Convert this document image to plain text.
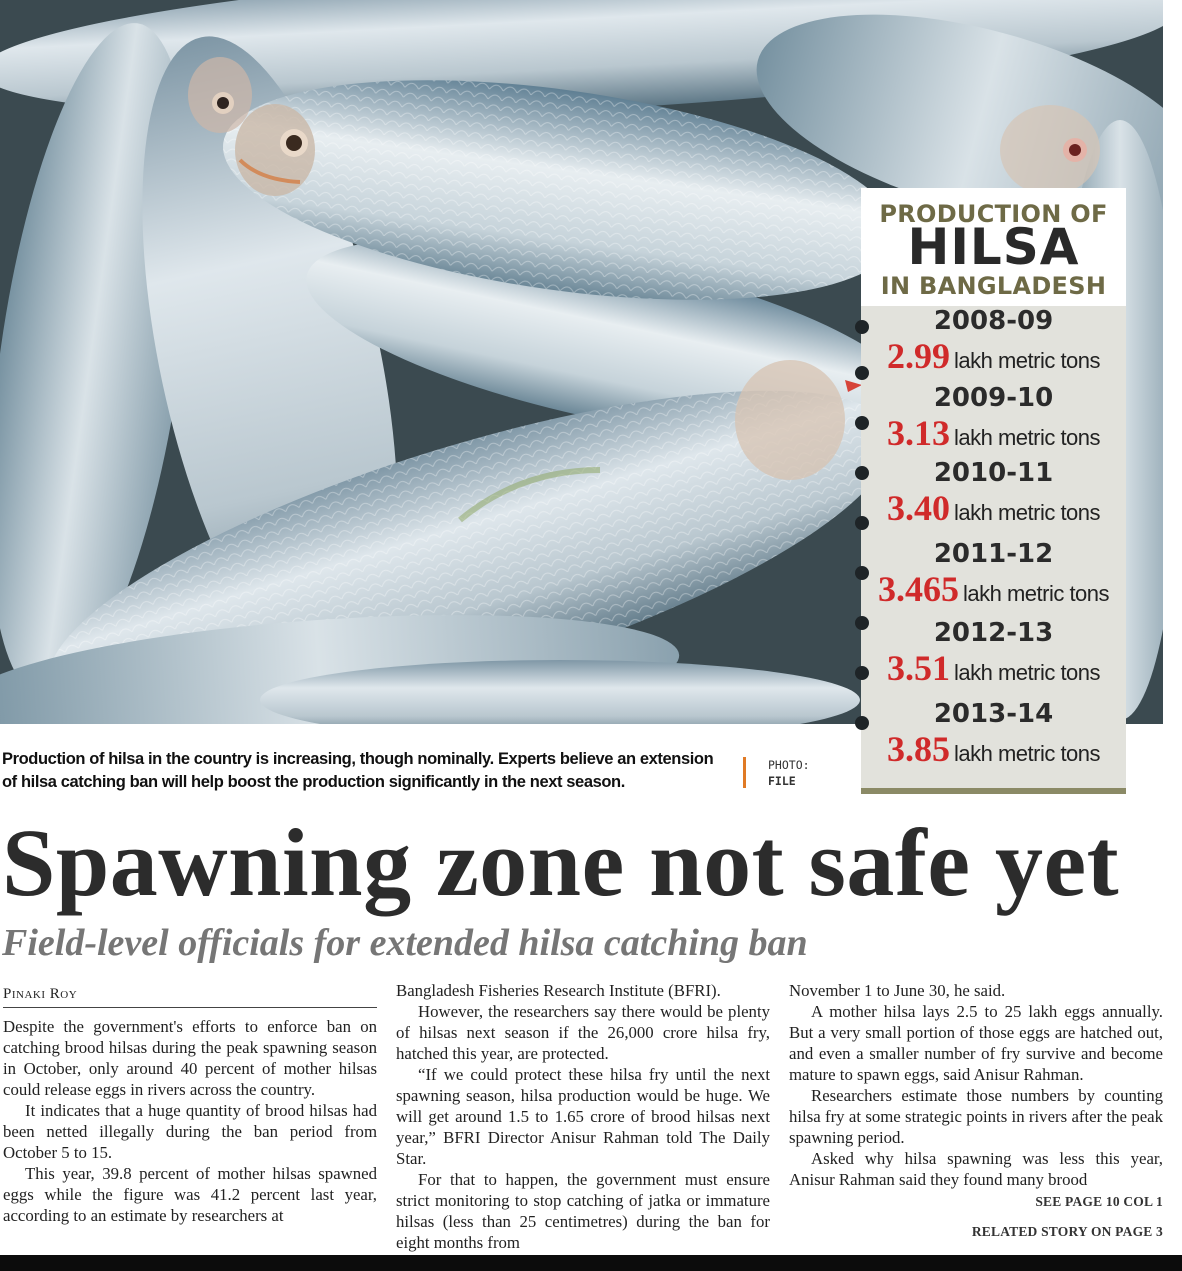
PRODUCTION OF
HILSA
IN BANGLADESH
2008-09
2.99 lakh metric tons
2009-10
3.13 lakh metric tons
2010-11
3.40 lakh metric tons
2011-12
3.465 lakh metric tons
2012-13
3.51 lakh metric tons
2013-14
3.85 lakh metric tons
Production of hilsa in the country is increasing, though nominally. Experts believe an extension of hilsa catching ban will help boost the production significantly in the next season.
PHOTO:
FILE
Spawning zone not safe yet
Field-level officials for extended hilsa catching ban
Pinaki Roy

Despite the government's efforts to enforce ban on catching brood hilsas during the peak spawning season in October, only around 40 percent of mother hilsas could release eggs in rivers across the country.

It indicates that a huge quantity of brood hilsas had been netted illegally during the ban period from October 5 to 15.

This year, 39.8 percent of mother hilsas spawned eggs while the figure was 41.2 percent last year, according to an estimate by researchers at

Bangladesh Fisheries Research Institute (BFRI).

However, the researchers say there would be plenty of hilsas next season if the 26,000 crore hilsa fry, hatched this year, are protected.

“If we could protect these hilsa fry until the next spawning season, hilsa production would be huge. We will get around 1.5 to 1.65 crore of brood hilsas next year,” BFRI Director Anisur Rahman told The Daily Star.

For that to happen, the government must ensure strict monitoring to stop catching of jatka or immature hilsas (less than 25 centimetres) during the ban for eight months from

November 1 to June 30, he said.

A mother hilsa lays 2.5 to 25 lakh eggs annually. But a very small portion of those eggs are hatched out, and even a smaller number of fry survive and become mature to spawn eggs, said Anisur Rahman.

Researchers estimate those numbers by counting hilsa fry at some strategic points in rivers after the peak spawning period.

Asked why hilsa spawning was less this year, Anisur Rahman said they found many brood

SEE PAGE 10 COL 1
RELATED STORY ON PAGE 3
